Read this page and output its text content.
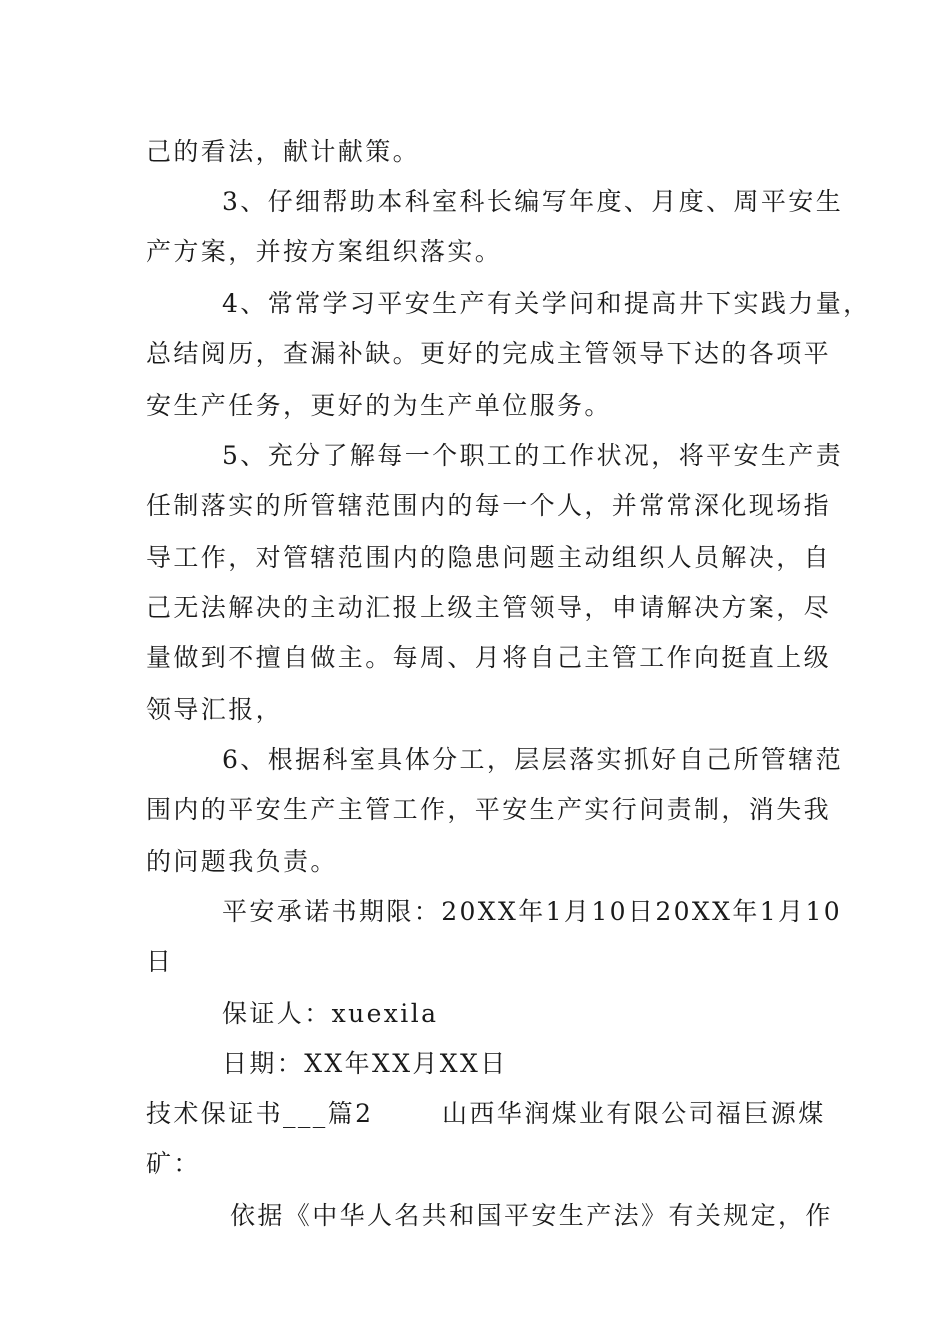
己的看法，献计献策。
3、仔细帮助本科室科长编写年度、月度、周平安生
产方案，并按方案组织落实。
4、常常学习平安生产有关学问和提高井下实践力量，
总结阅历，查漏补缺。更好的完成主管领导下达的各项平
安生产任务，更好的为生产单位服务。
5、充分了解每一个职工的工作状况，将平安生产责
任制落实的所管辖范围内的每一个人，并常常深化现场指
导工作，对管辖范围内的隐患问题主动组织人员解决，自
己无法解决的主动汇报上级主管领导，申请解决方案，尽
量做到不擅自做主。每周、月将自己主管工作向挺直上级
领导汇报，
6、根据科室具体分工，层层落实抓好自己所管辖范
围内的平安生产主管工作，平安生产实行问责制，消失我
的问题我负责。
平安承诺书期限：20XX年1月10日20XX年1月10
日
保证人：xuexila
日期：XX年XX月XX日
技术保证书___篇2	山西华润煤业有限公司福巨源煤
矿：
依据《中华人名共和国平安生产法》有关规定，作
